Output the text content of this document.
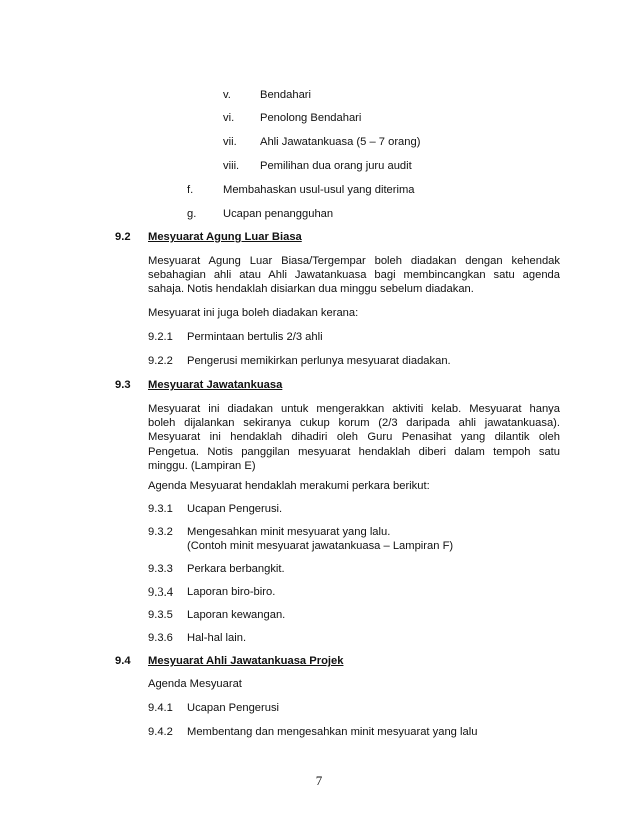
v.	Bendahari
vi. Penolong Bendahari
vii. Ahli Jawatankuasa (5 – 7 orang)
viii. Pemilihan dua orang juru audit
f.	Membahaskan usul-usul yang diterima
g. Ucapan penangguhan
9.2 Mesyuarat Agung Luar Biasa
Mesyuarat Agung Luar Biasa/Tergempar boleh diadakan dengan kehendak
sebahagian ahli atau Ahli Jawatankuasa bagi membincangkan satu agenda
sahaja. Notis hendaklah disiarkan dua minggu sebelum diadakan.
Mesyuarat ini juga boleh diadakan kerana:
9.2.1 Permintaan bertulis 2/3 ahli
9.2.2 Pengerusi memikirkan perlunya mesyuarat diadakan.
9.3 Mesyuarat Jawatankuasa
Mesyuarat ini diadakan untuk mengerakkan aktiviti kelab. Mesyuarat hanya
boleh dijalankan sekiranya cukup korum (2/3 daripada ahli jawatankuasa).
Mesyuarat ini hendaklah dihadiri oleh Guru Penasihat yang dilantik oleh
Pengetua. Notis panggilan mesyuarat hendaklah diberi dalam tempoh satu
minggu. (Lampiran E)
Agenda Mesyuarat hendaklah merakumi perkara berikut:
9.3.1 Ucapan Pengerusi.
9.3.2 Mengesahkan minit mesyuarat yang lalu.
(Contoh minit mesyuarat jawatankuasa – Lampiran F)
9.3.3 Perkara berbangkit.
9.3.4 Laporan biro-biro.
9.3.5 Laporan kewangan.
9.3.6 Hal-hal lain.
9.4 Mesyuarat Ahli Jawatankuasa Projek
Agenda Mesyuarat
9.4.1 Ucapan Pengerusi
9.4.2 Membentang dan mengesahkan minit mesyuarat yang lalu
7
